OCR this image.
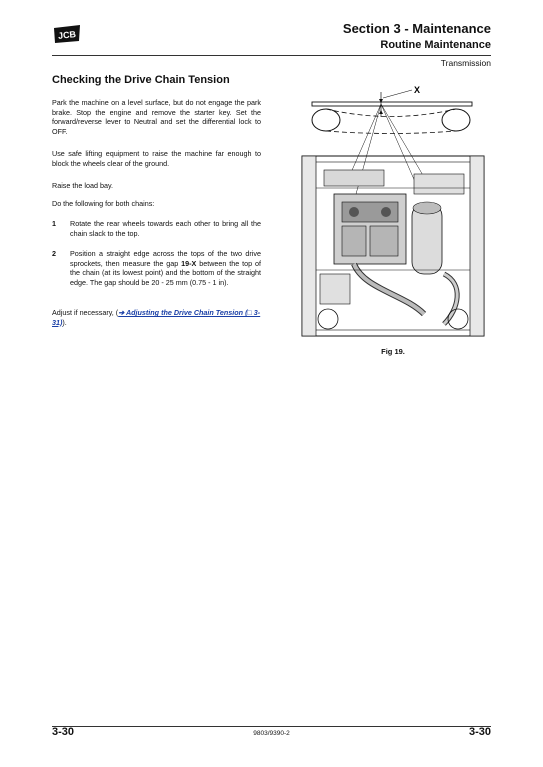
JCB	Section 3 - Maintenance
Routine Maintenance
Transmission
Checking the Drive Chain Tension
Park the machine on a level surface, but do not engage the park brake. Stop the engine and remove the starter key. Set the forward/reverse lever to Neutral and set the differential lock to OFF.
Use safe lifting equipment to raise the machine far enough to block the wheels clear of the ground.
Raise the load bay.
Do the following for both chains:
1 Rotate the rear wheels towards each other to bring all the chain slack to the top.
2 Position a straight edge across the tops of the two drive sprockets, then measure the gap 19-X between the top of the chain (at its lowest point) and the bottom of the straight edge. The gap should be 20 - 25 mm (0.75 - 1 in).
Adjust if necessary, (➔ Adjusting the Drive Chain Tension (□ 3-31)).
X
Fig 19.
3-30	9803/9390-2	3-30
